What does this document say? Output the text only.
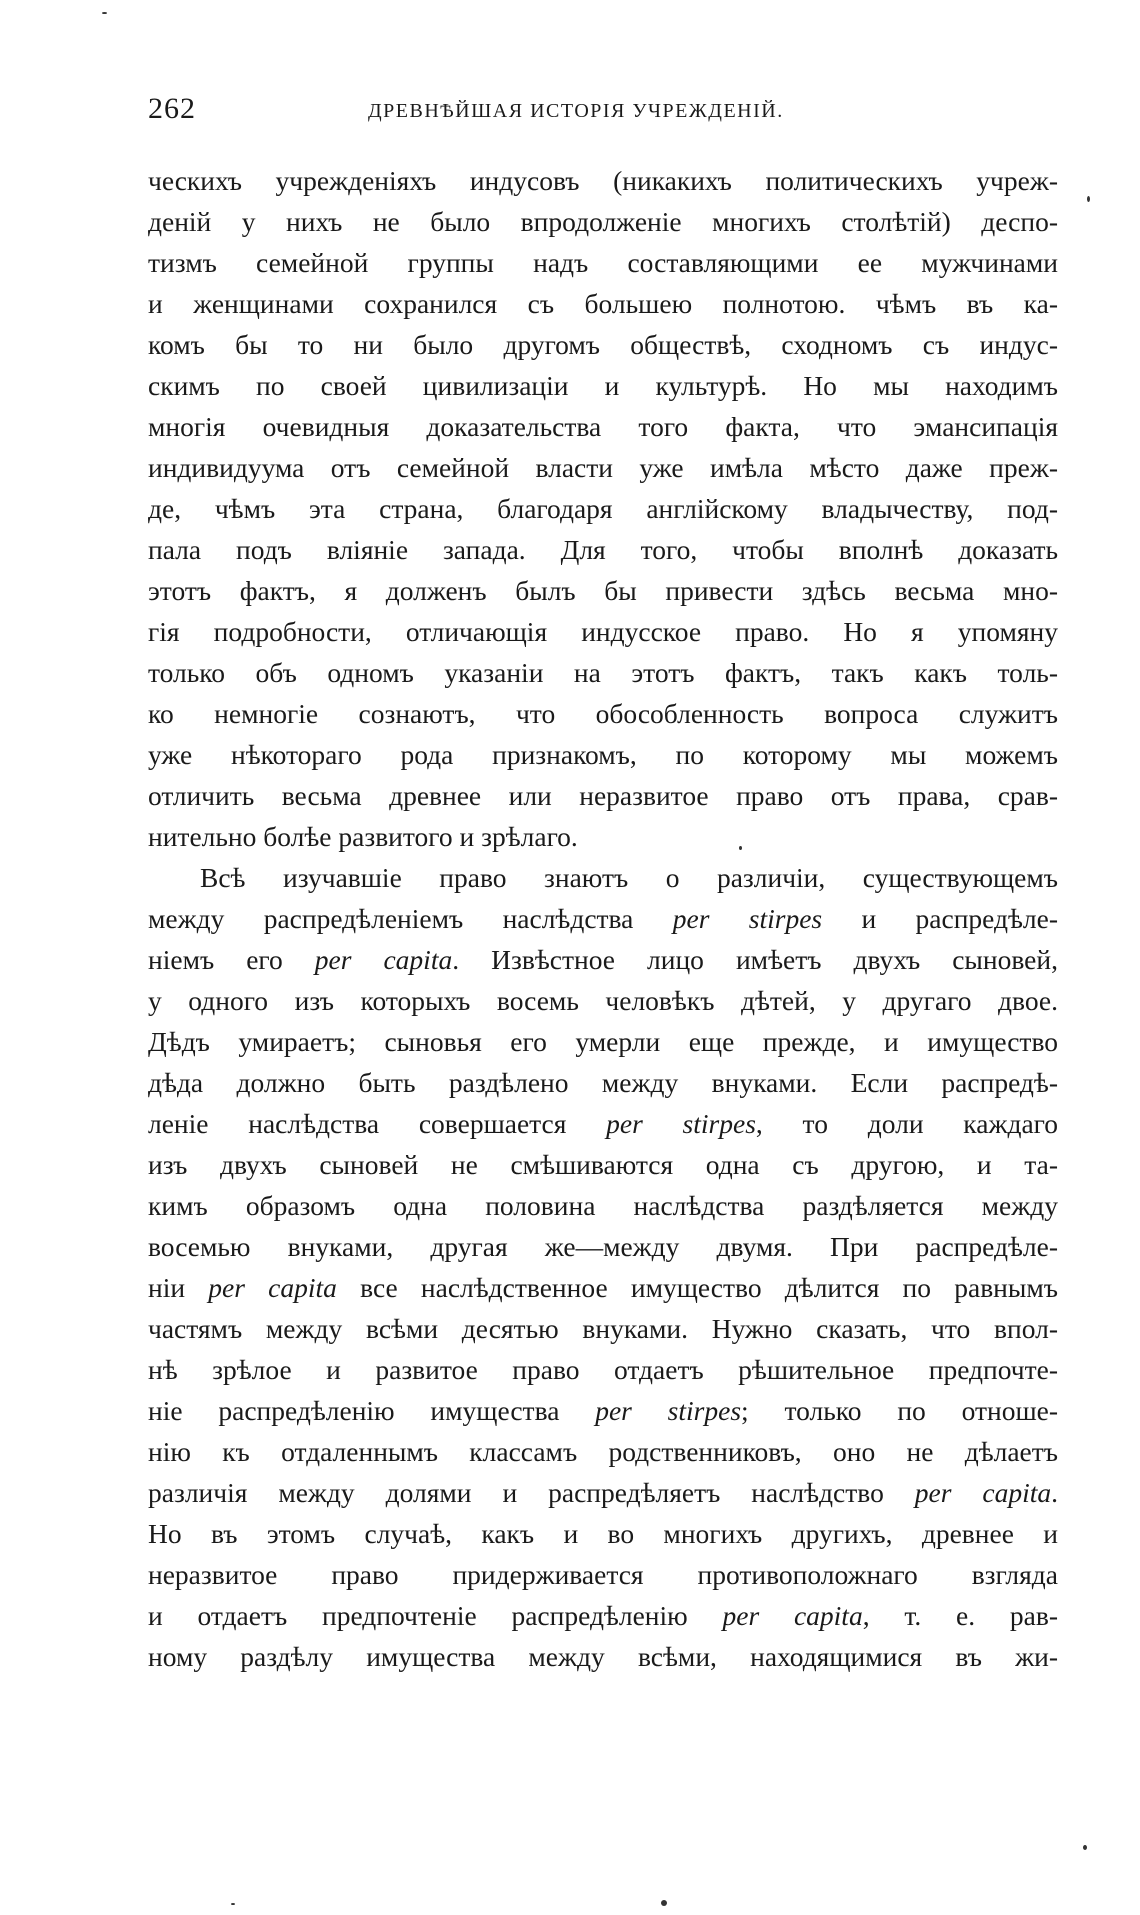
262	ДРЕВНѢЙШАЯ ИСТОРІЯ УЧРЕЖДЕНІЙ.
ческихъ учрежденіяхъ индусовъ (никакихъ политическихъ учреж-
деній у нихъ не было впродолженіе многихъ столѣтій) деспо-
тизмъ семейной группы надъ составляющими ее мужчинами
и женщинами сохранился съ большею полнотою. чѣмъ въ ка-
комъ бы то ни было другомъ обществѣ, сходномъ съ индус-
скимъ по своей цивилизаціи и культурѣ. Но мы находимъ
многія очевидныя доказательства того факта, что эмансипація
индивидуума отъ семейной власти уже имѣла мѣсто даже преж-
де, чѣмъ эта страна, благодаря англійскому владычеству, под-
пала подъ вліяніе запада. Для того, чтобы вполнѣ доказать
этотъ фактъ, я долженъ былъ бы привести здѣсь весьма мно-
гія подробности, отличающія индусское право. Но я упомяну
только объ одномъ указаніи на этотъ фактъ, такъ какъ толь-
ко немногіе сознаютъ, что обособленность вопроса служитъ
уже нѣкотораго рода признакомъ, по которому мы можемъ
отличить весьма древнее или неразвитое право отъ права, срав-
нительно болѣе развитого и зрѣлаго.
Всѣ изучавшіе право знаютъ о различіи, существующемъ
между распредѣленіемъ наслѣдства per stirpes и распредѣле-
ніемъ его per capita. Извѣстное лицо имѣетъ двухъ сыновей,
у одного изъ которыхъ восемь человѣкъ дѣтей, у другаго двое.
Дѣдъ умираетъ; сыновья его умерли еще прежде, и имущество
дѣда должно быть раздѣлено между внуками. Если распредѣ-
леніе наслѣдства совершается per stirpes, то доли каждаго
изъ двухъ сыновей не смѣшиваются одна съ другою, и та-
кимъ образомъ одна половина наслѣдства раздѣляется между
восемью внуками, другая же—между двумя. При распредѣле-
ніи per capita все наслѣдственное имущество дѣлится по равнымъ
частямъ между всѣми десятью внуками. Нужно сказать, что впол-
нѣ зрѣлое и развитое право отдаетъ рѣшительное предпочте-
ніе распредѣленію имущества per stirpes; только по отноше-
нію къ отдаленнымъ классамъ родственниковъ, оно не дѣлаетъ
различія между долями и распредѣляетъ наслѣдство per capita.
Но въ этомъ случаѣ, какъ и во многихъ другихъ, древнее и
неразвитое право придерживается противоположнаго взгляда
и отдаетъ предпочтеніе распредѣленію per capita, т. е. рав-
ному раздѣлу имущества между всѣми, находящимися въ жи-
